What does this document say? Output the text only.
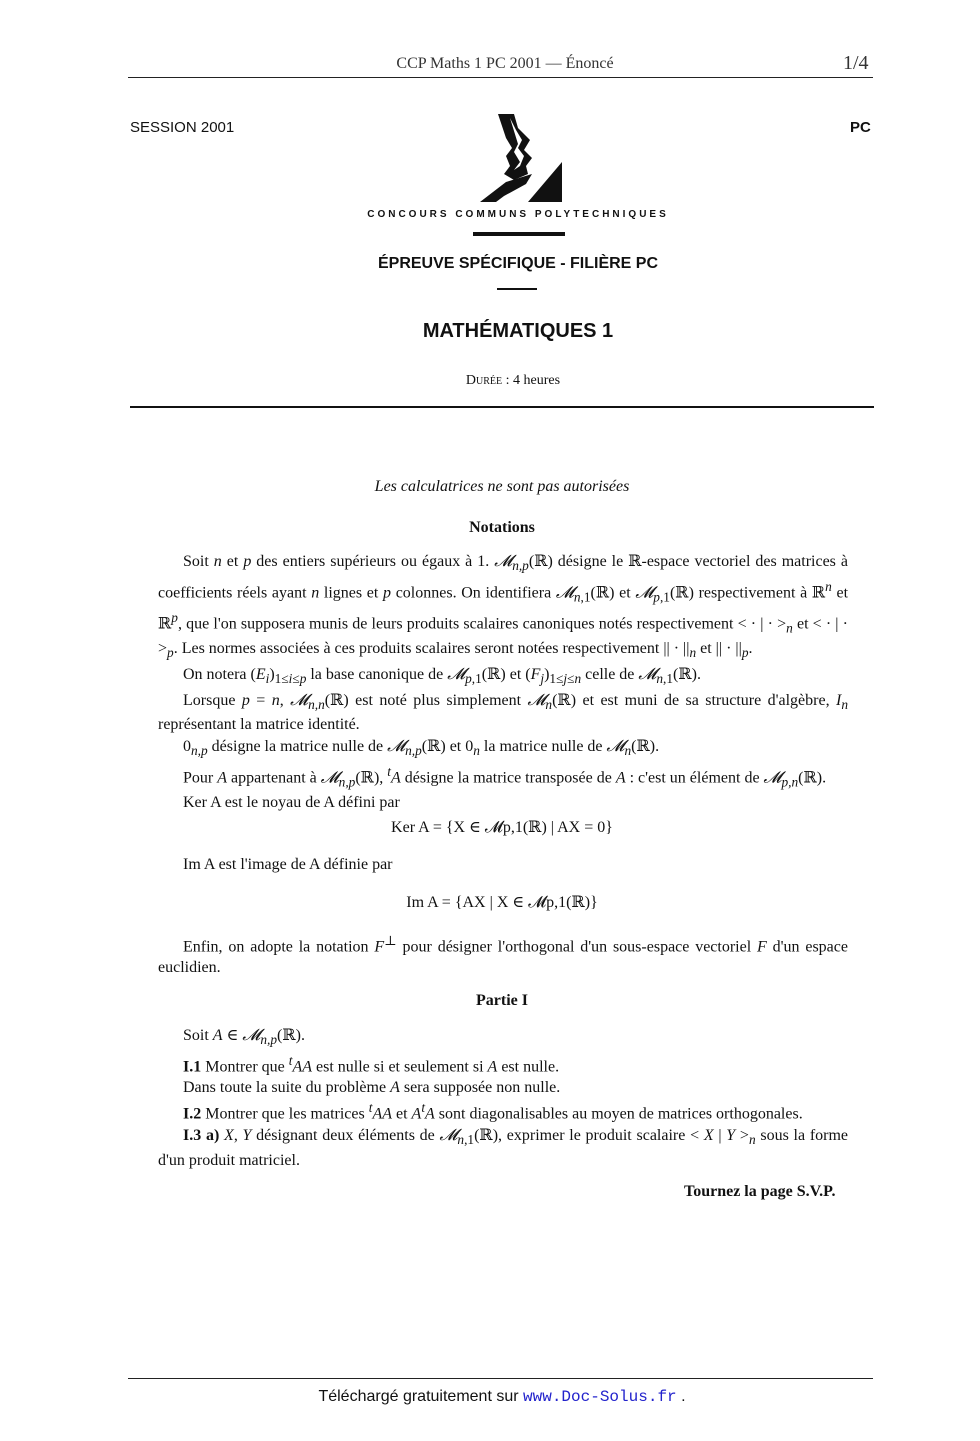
CCP Maths 1 PC 2001 — Énoncé	1/4
SESSION 2001	PC
CONCOURS COMMUNS POLYTECHNIQUES
ÉPREUVE SPÉCIFIQUE - FILIÈRE PC
MATHÉMATIQUES 1
Durée : 4 heures
Les calculatrices ne sont pas autorisées
Notations

Soit n et p des entiers supérieurs ou égaux à 1. 𝓜$_{n,p}$(ℝ) désigne le ℝ-espace vectoriel des matrices à coefficients réels ayant n lignes et p colonnes. On identifiera 𝓜$_{n,1}$(ℝ) et 𝓜$_{p,1}$(ℝ) respectivement à ℝ$^n$ et ℝ$^p$, que l'on supposera munis de leurs produits scalaires canoniques notés respectivement < · | · $>_n$ et < · | · $>_p$. Les normes associées à ces produits scalaires seront notées respectivement || · $||_n$ et || · $||_p$.

On notera $(E_i)_{1\le i\le p}$ la base canonique de 𝓜$_{p,1}$(ℝ) et $(F_j)_{1\le j\le n}$ celle de 𝓜$_{n,1}$(ℝ).

Lorsque p = n, 𝓜$_{n,n}$(ℝ) est noté plus simplement 𝓜$_n$(ℝ) et est muni de sa structure d'algèbre, $I_n$ représentant la matrice identité.

$0_{n,p}$ désigne la matrice nulle de 𝓜$_{n,p}$(ℝ) et $0_n$ la matrice nulle de 𝓜$_n$(ℝ).

Pour A appartenant à 𝓜$_{n,p}$(ℝ), $^t$A désigne la matrice transposée de A : c'est un élément de 𝓜$_{p,n}$(ℝ).

Ker A est le noyau de A défini par

Ker A = {X ∈ 𝓜p,1(ℝ) | AX = 0}

Im A est l'image de A définie par

Im A = {AX | X ∈ 𝓜p,1(ℝ)}

Enfin, on adopte la notation F⊥ pour désigner l'orthogonal d'un sous-espace vectoriel F d'un espace euclidien.

Partie I

Soit A ∈ 𝓜$_{n,p}$(ℝ).

I.1 Montrer que $^t$AA est nulle si et seulement si A est nulle.

Dans toute la suite du problème A sera supposée non nulle.

I.2 Montrer que les matrices $^t$AA et $A^tA$ sont diagonalisables au moyen de matrices orthogonales.

I.3 a) X, Y désignant deux éléments de 𝓜$_{n,1}$(ℝ), exprimer le produit scalaire < X | $Y >_n$ sous la forme d'un produit matriciel.

Tournez la page S.V.P.
Téléchargé gratuitement sur www.Doc-Solus.fr .
